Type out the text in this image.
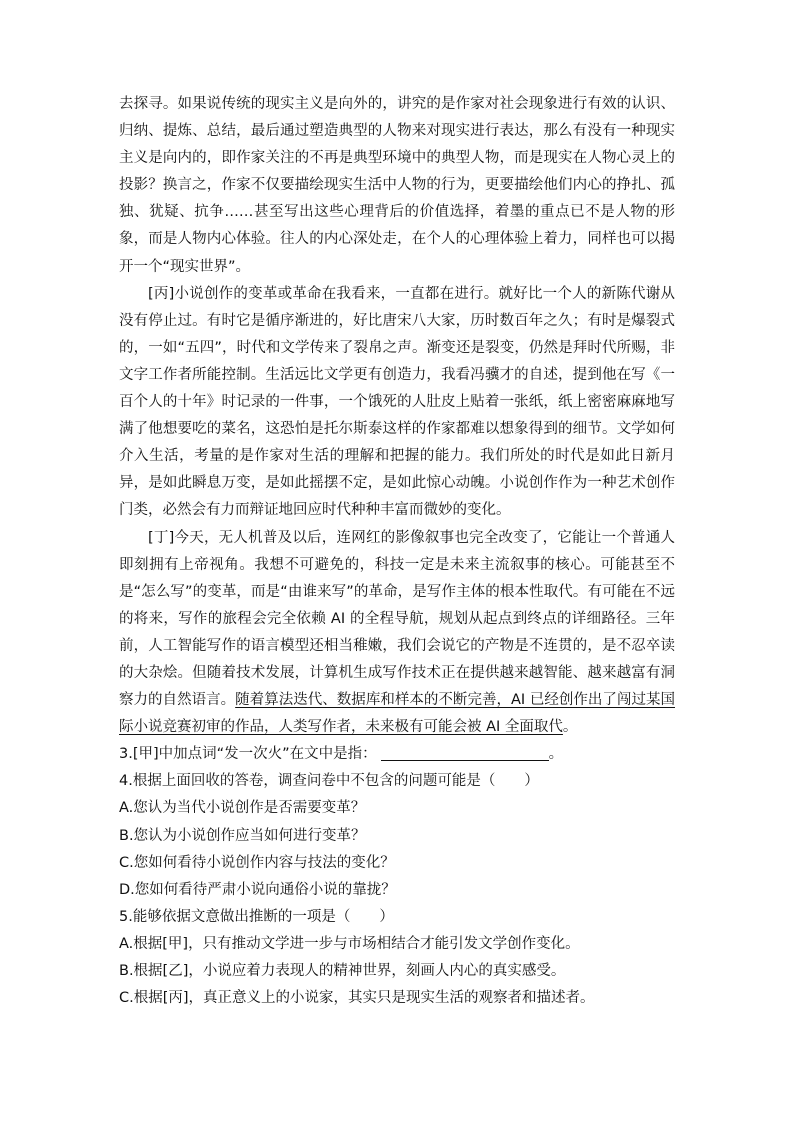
去探寻。如果说传统的现实主义是向外的，讲究的是作家对社会现象进行有效的认识、归纳、提炼、总结，最后通过塑造典型的人物来对现实进行表达，那么有没有一种现实主义是向内的，即作家关注的不再是典型环境中的典型人物，而是现实在人物心灵上的投影？换言之，作家不仅要描绘现实生活中人物的行为，更要描绘他们内心的挣扎、孤独、犹疑、抗争……甚至写出这些心理背后的价值选择，着墨的重点已不是人物的形象，而是人物内心体验。往人的内心深处走，在个人的心理体验上着力，同样也可以揭开一个“现实世界”。

[丙]小说创作的变革或革命在我看来，一直都在进行。就好比一个人的新陈代谢从没有停止过。有时它是循序渐进的，好比唐宋八大家，历时数百年之久；有时是爆裂式的，一如“五四”，时代和文学传来了裂帛之声。渐变还是裂变，仍然是拜时代所赐，非文字工作者所能控制。生活远比文学更有创造力，我看冯骥才的自述，提到他在写《一百个人的十年》时记录的一件事，一个饿死的人肚皮上贴着一张纸，纸上密密麻麻地写满了他想要吃的菜名，这恐怕是托尔斯泰这样的作家都难以想象得到的细节。文学如何介入生活，考量的是作家对生活的理解和把握的能力。我们所处的时代是如此日新月异，是如此瞬息万变，是如此摇摆不定，是如此惊心动魄。小说创作作为一种艺术创作门类，必然会有力而辩证地回应时代种种丰富而微妙的变化。

[丁]今天，无人机普及以后，连网红的影像叙事也完全改变了，它能让一个普通人即刻拥有上帝视角。我想不可避免的，科技一定是未来主流叙事的核心。可能甚至不是“怎么写”的变革，而是“由谁来写”的革命，是写作主体的根本性取代。有可能在不远的将来，写作的旅程会完全依赖 AI 的全程导航，规划从起点到终点的详细路径。三年前，人工智能写作的语言模型还相当稚嫩，我们会说它的产物是不连贯的，是不忍卒读的大杂烩。但随着技术发展，计算机生成写作技术正在提供越来越智能、越来越富有洞察力的自然语言。随着算法迭代、数据库和样本的不断完善，AI 已经创作出了闯过某国际小说竞赛初审的作品，人类写作者，未来极有可能会被 AI 全面取代。

3.[甲]中加点词“发一次火”在文中是指：	。

4.根据上面回收的答卷，调查问卷中不包含的问题可能是（　　）

A.您认为当代小说创作是否需要变革？

B.您认为小说创作应当如何进行变革？

C.您如何看待小说创作内容与技法的变化？

D.您如何看待严肃小说向通俗小说的靠拢？

5.能够依据文意做出推断的一项是（　　）

A.根据[甲]，只有推动文学进一步与市场相结合才能引发文学创作变化。

B.根据[乙]，小说应着力表现人的精神世界，刻画人内心的真实感受。

C.根据[丙]，真正意义上的小说家，其实只是现实生活的观察者和描述者。
